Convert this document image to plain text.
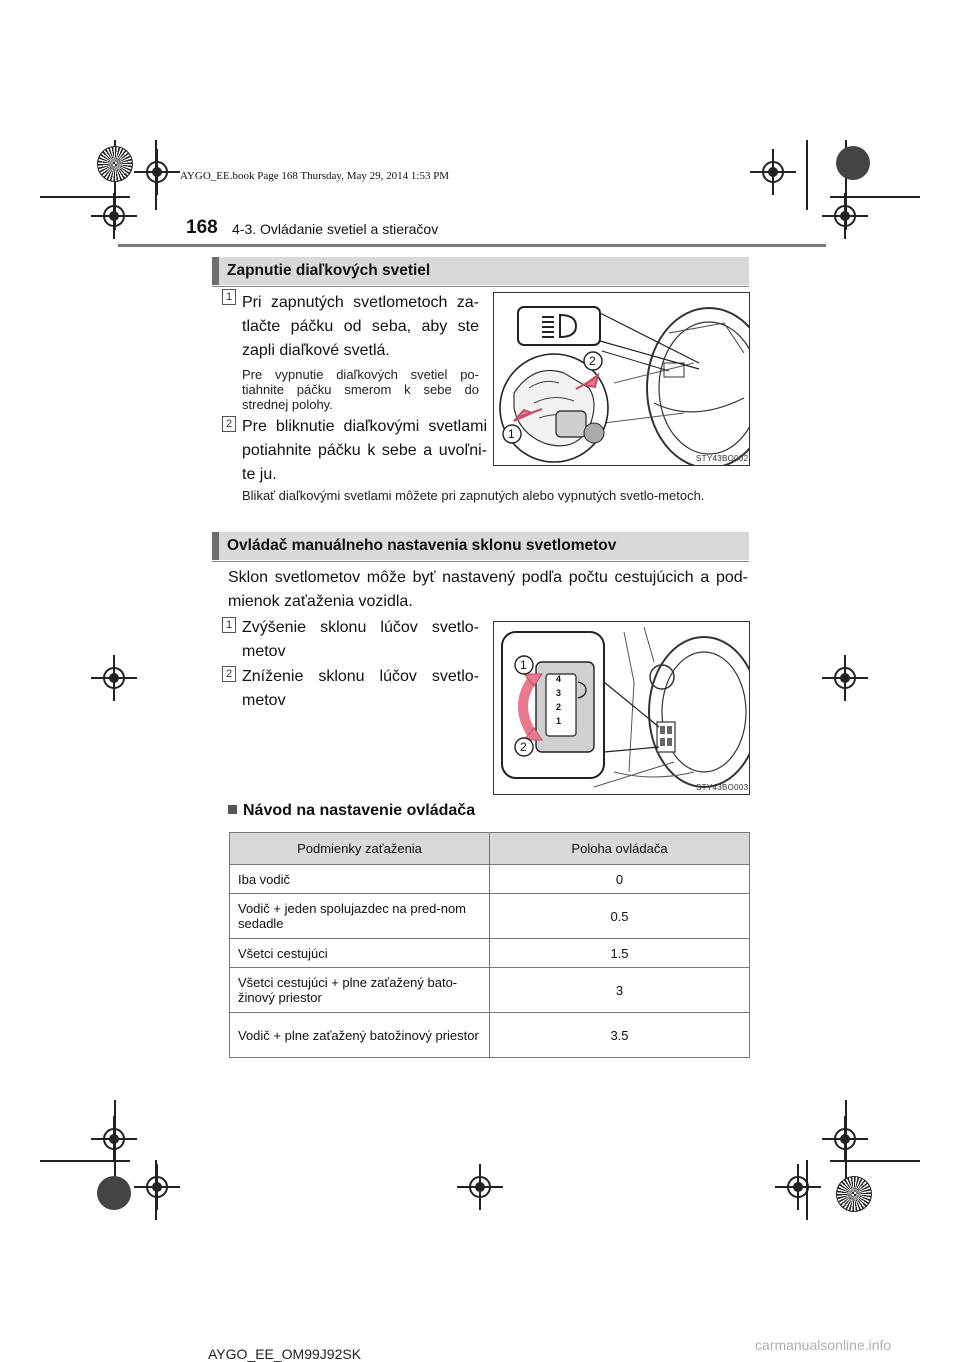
AYGO_EE.book Page 168 Thursday, May 29, 2014 1:53 PM
168 4-3. Ovládanie svetiel a stieračov
Zapnutie diaľkových svetiel
1 Pri zapnutých svetlometoch za-tlačte páčku od seba, aby ste zapli diaľkové svetlá.
Pre vypnutie diaľkových svetiel po-tiahnite páčku smerom k sebe do strednej polohy.
2 Pre bliknutie diaľkovými svetlami potiahnite páčku k sebe a uvoľni-te ju.
2
1
STY43BO002
Blikať diaľkovými svetlami môžete pri zapnutých alebo vypnutých svetlo-metoch.
Ovládač manuálneho nastavenia sklonu svetlometov
Sklon svetlometov môže byť nastavený podľa počtu cestujúcich a pod-mienok zaťaženia vozidla.
1 Zvýšenie sklonu lúčov svetlo-metov
2 Zníženie sklonu lúčov svetlo-metov
4
3
2
1
1
2
STY43BO003
Návod na nastavenie ovládača
Podmienky zaťaženia	Poloha ovládača
Iba vodič	0
Vodič + jeden spolujazdec na pred-nom sedadle	0.5
Všetci cestujúci	1.5
Všetci cestujúci + plne zaťažený bato-žinový priestor	3
Vodič + plne zaťažený batožinový priestor	3.5
AYGO_EE_OM99J92SK
carmanualsonline.info
